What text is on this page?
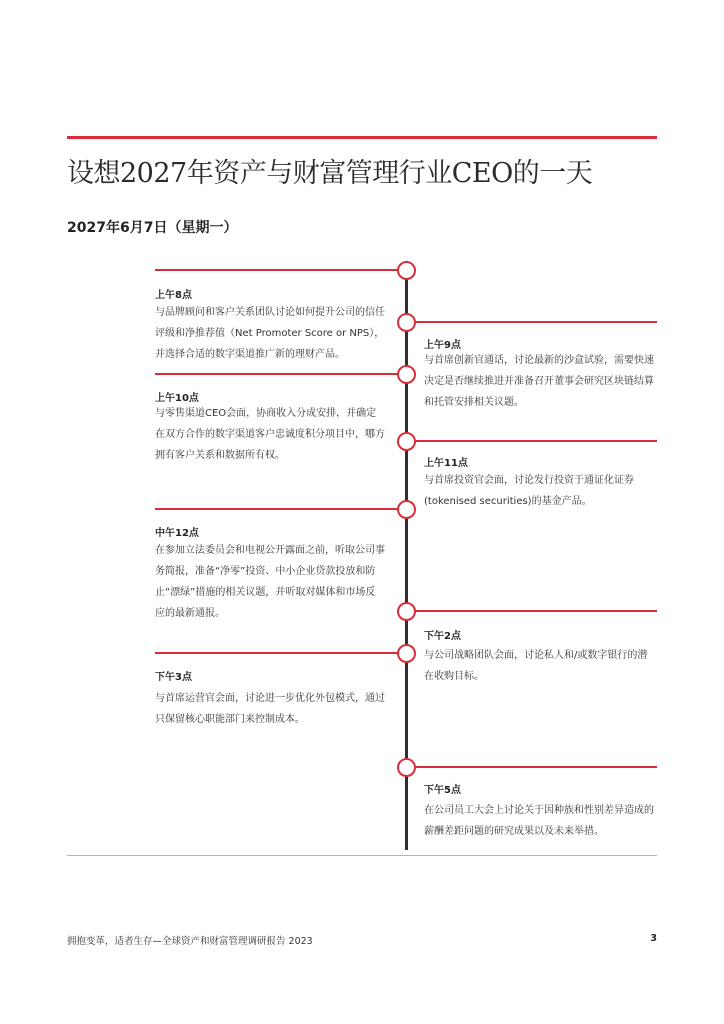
设想2027年资产与财富管理行业CEO的一天
2027年6月7日（星期一）
上午8点
与品牌顾问和客户关系团队讨论如何提升公司的信任评级和净推荐值（Net Promoter Score or NPS），并选择合适的数字渠道推广新的理财产品。
上午9点
与首席创新官通话，讨论最新的沙盒试验，需要快速决定是否继续推进并准备召开董事会研究区块链结算和托管安排相关议题。
上午10点
与零售渠道CEO会面，协商收入分成安排，并确定在双方合作的数字渠道客户忠诚度积分项目中，哪方拥有客户关系和数据所有权。
上午11点
与首席投资官会面，讨论发行投资于通证化证券(tokenised securities)的基金产品。
中午12点
在参加立法委员会和电视公开露面之前，听取公司事务简报，准备“净零”投资、中小企业贷款投放和防止“漂绿”措施的相关议题，并听取对媒体和市场反应的最新通报。
下午2点
与公司战略团队会面，讨论私人和/或数字银行的潜在收购目标。
下午3点
与首席运营官会面，讨论进一步优化外包模式，通过只保留核心职能部门来控制成本。
下午5点
在公司员工大会上讨论关于因种族和性别差异造成的薪酬差距问题的研究成果以及未来举措。
拥抱变革，适者生存—全球资产和财富管理调研报告 2023	3
